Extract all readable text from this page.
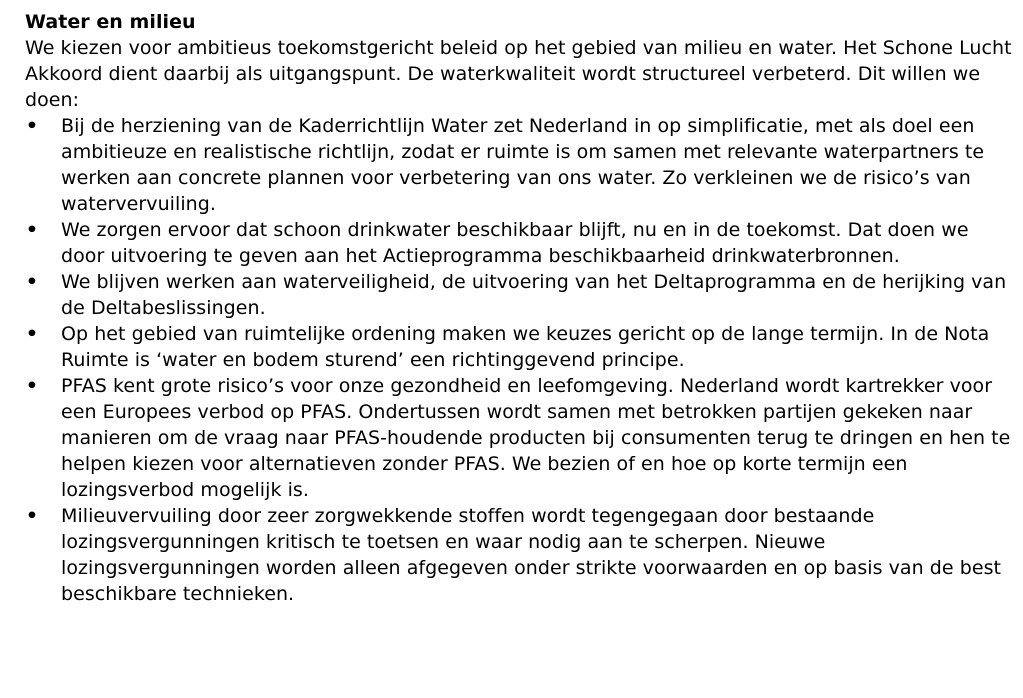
Water en milieu
We kiezen voor ambitieus toekomstgericht beleid op het gebied van milieu en water. Het Schone Lucht Akkoord dient daarbij als uitgangspunt. De waterkwaliteit wordt structureel verbeterd. Dit willen we doen:
• Bij de herziening van de Kaderrichtlijn Water zet Nederland in op simplificatie, met als doel een ambitieuze en realistische richtlijn, zodat er ruimte is om samen met relevante waterpartners te werken aan concrete plannen voor verbetering van ons water. Zo verkleinen we de risico’s van watervervuiling.
• We zorgen ervoor dat schoon drinkwater beschikbaar blijft, nu en in de toekomst. Dat doen we door uitvoering te geven aan het Actieprogramma beschikbaarheid drinkwaterbronnen.
• We blijven werken aan waterveiligheid, de uitvoering van het Deltaprogramma en de herijking van de Deltabeslissingen.
• Op het gebied van ruimtelijke ordening maken we keuzes gericht op de lange termijn. In de Nota Ruimte is ‘water en bodem sturend’ een richtinggevend principe.
• PFAS kent grote risico’s voor onze gezondheid en leefomgeving. Nederland wordt kartrekker voor een Europees verbod op PFAS. Ondertussen wordt samen met betrokken partijen gekeken naar manieren om de vraag naar PFAS-houdende producten bij consumenten terug te dringen en hen te helpen kiezen voor alternatieven zonder PFAS. We bezien of en hoe op korte termijn een lozingsverbod mogelijk is.
• Milieuvervuiling door zeer zorgwekkende stoffen wordt tegengegaan door bestaande lozingsvergunningen kritisch te toetsen en waar nodig aan te scherpen. Nieuwe lozingsvergunningen worden alleen afgegeven onder strikte voorwaarden en op basis van de best beschikbare technieken.
